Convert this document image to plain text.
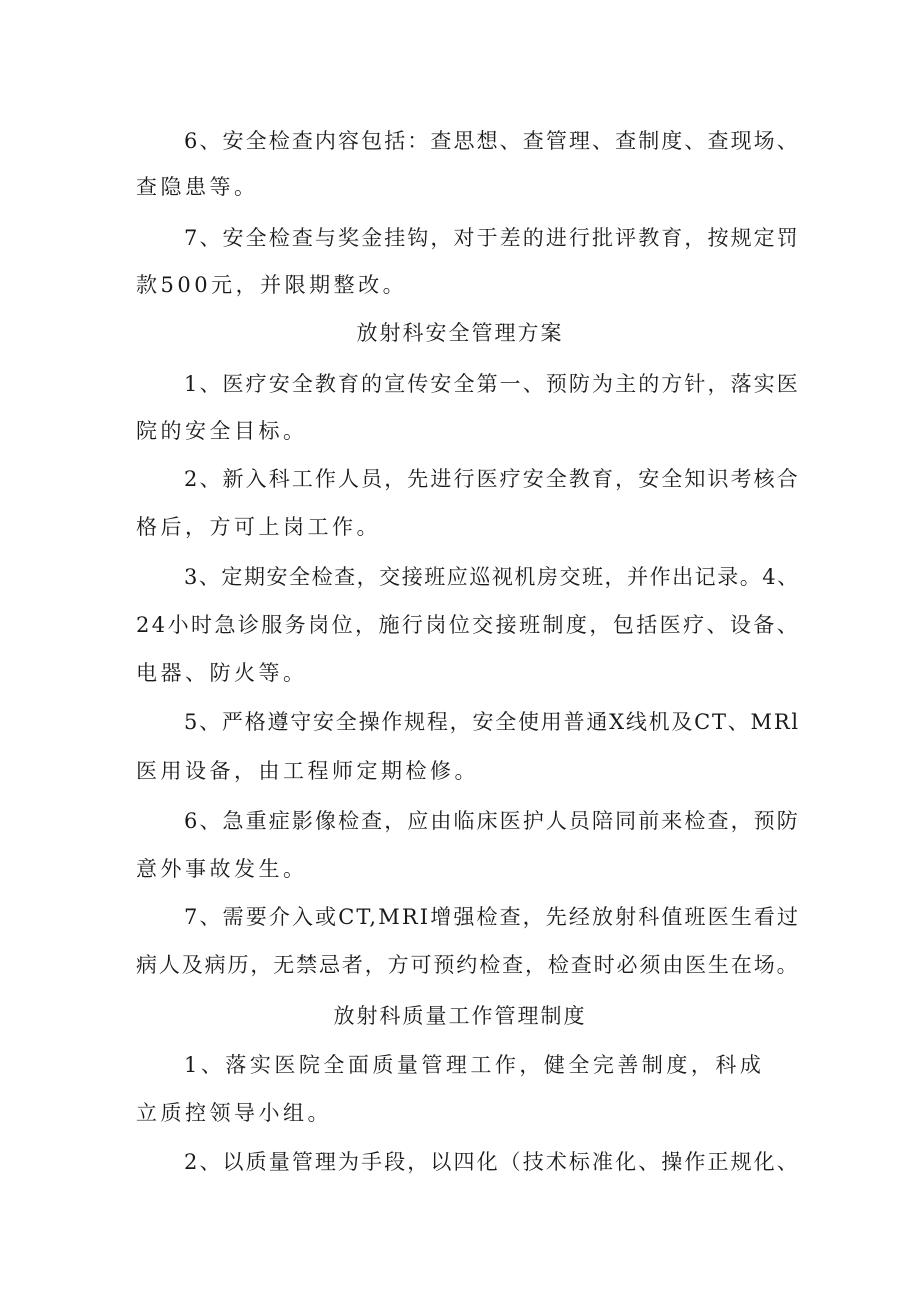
6、安全检查内容包括：查思想、查管理、查制度、查现场、
查隐患等。
7、安全检查与奖金挂钩，对于差的进行批评教育，按规定罚
款500元，并限期整改。
放射科安全管理方案
1、医疗安全教育的宣传安全第一、预防为主的方针，落实医
院的安全目标。
2、新入科工作人员，先进行医疗安全教育，安全知识考核合
格后，方可上岗工作。
3、定期安全检查，交接班应巡视机房交班，并作出记录。4、
24小时急诊服务岗位，施行岗位交接班制度，包括医疗、设备、
电器、防火等。
5、严格遵守安全操作规程，安全使用普通X线机及CT、MRl
医用设备，由工程师定期检修。
6、急重症影像检查，应由临床医护人员陪同前来检查，预防
意外事故发生。
7、需要介入或CT,MRI增强检查，先经放射科值班医生看过
病人及病历，无禁忌者，方可预约检查，检查时必须由医生在场。
放射科质量工作管理制度
1、落实医院全面质量管理工作，健全完善制度，科成
立质控领导小组。
2、以质量管理为手段，以四化（技术标准化、操作正规化、
